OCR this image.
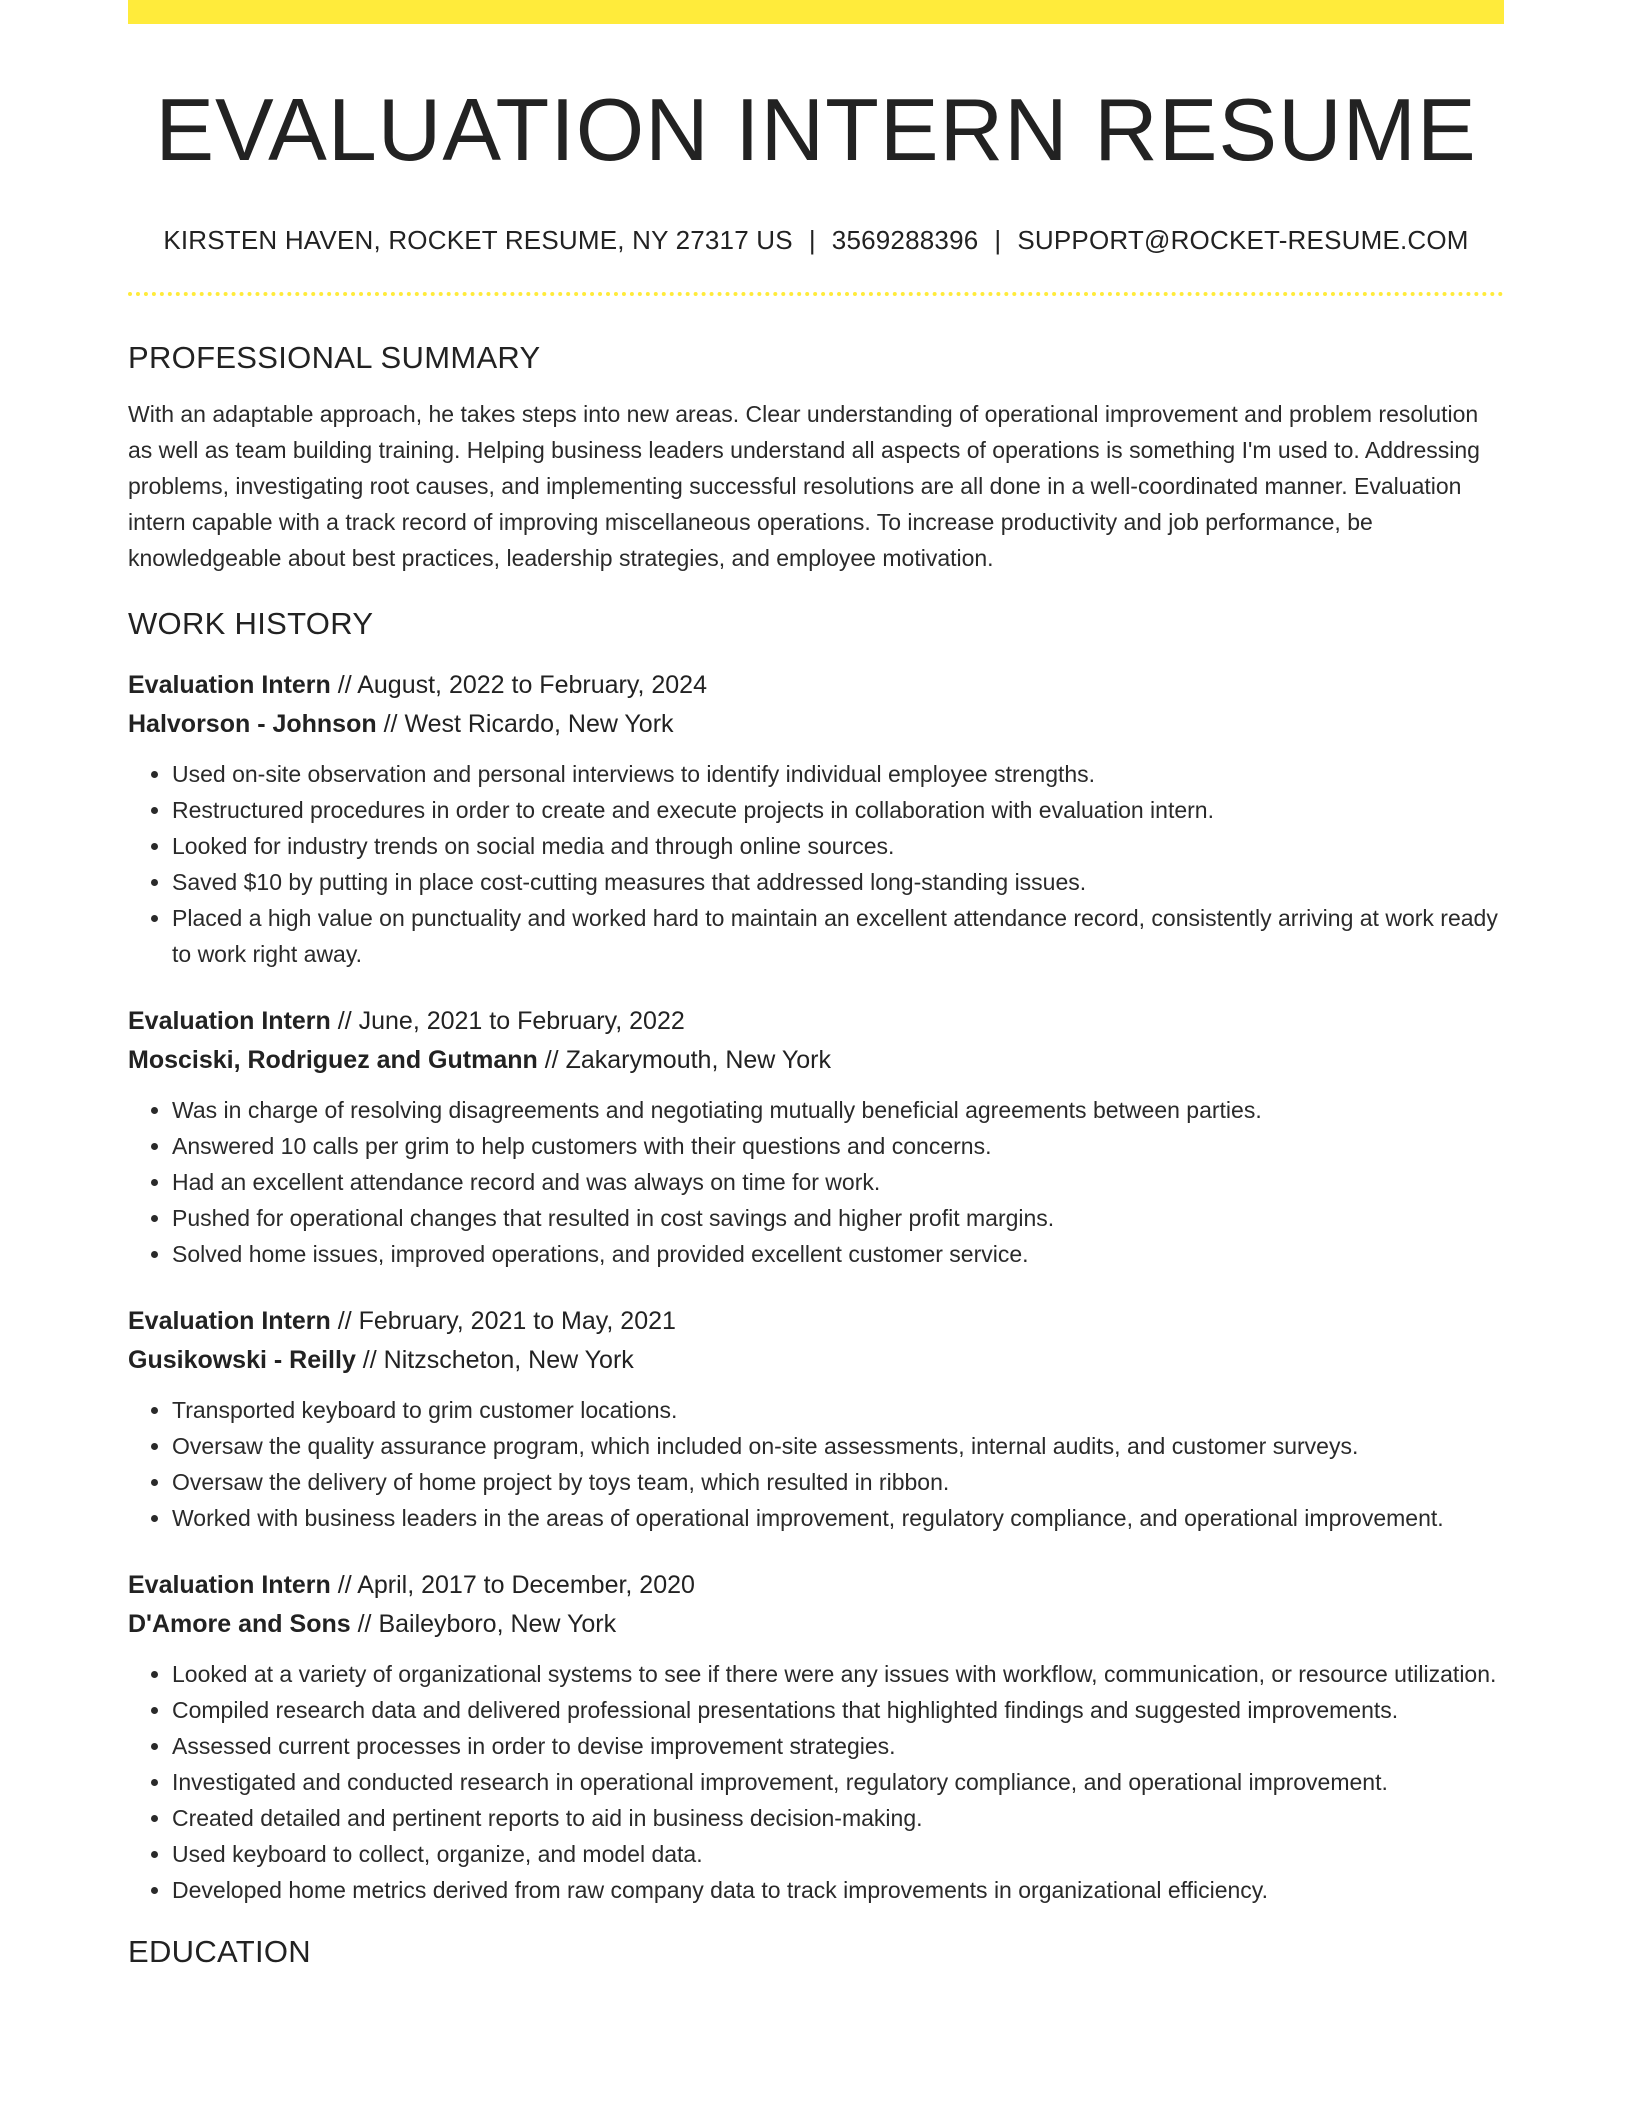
EVALUATION INTERN RESUME
KIRSTEN HAVEN, ROCKET RESUME, NY 27317 US | 3569288396 | SUPPORT@ROCKET-RESUME.COM
PROFESSIONAL SUMMARY

With an adaptable approach, he takes steps into new areas. Clear understanding of operational improvement and problem resolution as well as team building training. Helping business leaders understand all aspects of operations is something I'm used to. Addressing problems, investigating root causes, and implementing successful resolutions are all done in a well-coordinated manner. Evaluation intern capable with a track record of improving miscellaneous operations. To increase productivity and job performance, be knowledgeable about best practices, leadership strategies, and employee motivation.

WORK HISTORY
Evaluation Intern // August, 2022 to February, 2024
Halvorson - Johnson // West Ricardo, New York
• Used on-site observation and personal interviews to identify individual employee strengths.
• Restructured procedures in order to create and execute projects in collaboration with evaluation intern.
• Looked for industry trends on social media and through online sources.
• Saved $10 by putting in place cost-cutting measures that addressed long-standing issues.
• Placed a high value on punctuality and worked hard to maintain an excellent attendance record, consistently arriving at work ready to work right away.
Evaluation Intern // June, 2021 to February, 2022
Mosciski, Rodriguez and Gutmann // Zakarymouth, New York
• Was in charge of resolving disagreements and negotiating mutually beneficial agreements between parties.
• Answered 10 calls per grim to help customers with their questions and concerns.
• Had an excellent attendance record and was always on time for work.
• Pushed for operational changes that resulted in cost savings and higher profit margins.
• Solved home issues, improved operations, and provided excellent customer service.
Evaluation Intern // February, 2021 to May, 2021
Gusikowski - Reilly // Nitzscheton, New York
• Transported keyboard to grim customer locations.
• Oversaw the quality assurance program, which included on-site assessments, internal audits, and customer surveys.
• Oversaw the delivery of home project by toys team, which resulted in ribbon.
• Worked with business leaders in the areas of operational improvement, regulatory compliance, and operational improvement.
Evaluation Intern // April, 2017 to December, 2020
D'Amore and Sons // Baileyboro, New York
• Looked at a variety of organizational systems to see if there were any issues with workflow, communication, or resource utilization.
• Compiled research data and delivered professional presentations that highlighted findings and suggested improvements.
• Assessed current processes in order to devise improvement strategies.
• Investigated and conducted research in operational improvement, regulatory compliance, and operational improvement.
• Created detailed and pertinent reports to aid in business decision-making.
• Used keyboard to collect, organize, and model data.
• Developed home metrics derived from raw company data to track improvements in organizational efficiency.
EDUCATION
